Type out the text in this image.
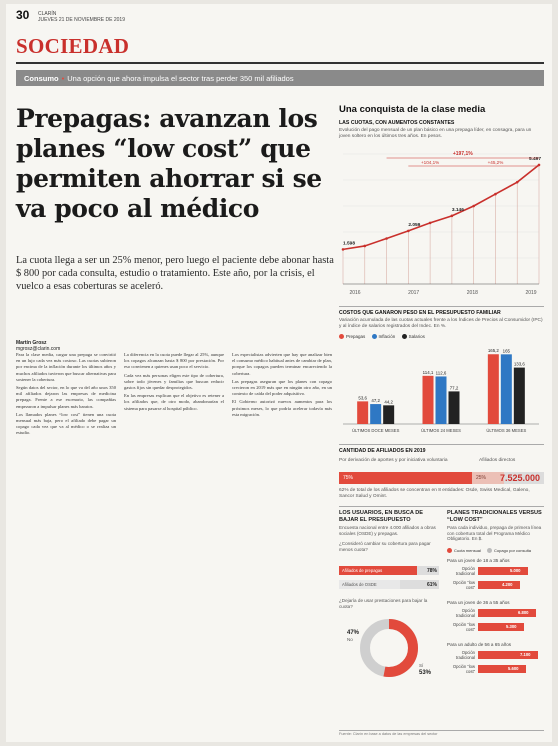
30 CLARÍN
JUEVES 21 DE NOVIEMBRE DE 2019
SOCIEDAD
Consumo • Una opción que ahora impulsa el sector tras perder 350 mil afiliados
Prepagas: avanzan los planes “low cost” que permiten ahorrar si se va poco al médico

La cuota llega a ser un 25% menor, pero luego el paciente debe abonar hasta $ 800 por cada consulta, estudio o tratamiento. Este año, por la crisis, el vuelco a esas coberturas se aceleró.

Martín Grosz
mgrosz@clarin.com

Para la clase media, cargar una prepaga se convirtió en un lujo cada vez más costoso. Las cuotas subieron por encima de la inflación durante los últimos años y muchos afiliados tuvieron que buscar alternativas para sostener la cobertura.

Según datos del sector, en lo que va del año unos 350 mil afiliados dejaron las empresas de medicina prepaga. Frente a ese escenario, las compañías empezaron a impulsar planes más baratos.

Los llamados planes “low cost” tienen una cuota mensual más baja, pero el afiliado debe pagar un copago cada vez que va al médico o se realiza un estudio.

La diferencia en la cuota puede llegar al 25%, aunque los copagos alcanzan hasta $ 800 por prestación. Por eso convienen a quienes usan poco el servicio.

Cada vez más personas eligen este tipo de cobertura, sobre todo jóvenes y familias que buscan reducir gastos fijos sin quedar desprotegidos.

En las empresas explican que el objetivo es retener a los afiliados que, de otro modo, abandonarían el sistema para pasarse al hospital público.

Los especialistas advierten que hay que analizar bien el consumo médico habitual antes de cambiar de plan, porque los copagos pueden terminar encareciendo la cobertura.

Las prepagas aseguran que los planes con copago crecieron en 2019 más que en ningún otro año, en un contexto de caída del poder adquisitivo.

El Gobierno autorizó nuevos aumentos para los próximos meses, lo que podría acelerar todavía más esta migración.

Una conquista de la clase media
LAS CUOTAS, CON AUMENTOS CONSTANTES
Evolución del pago mensual de un plan básico en una prepaga líder, en consagra, para un joven soltero en los últimos tres años. En pesos.
2016	2017	2018	2019
1.598
2.059
3.146
5.497
+197,1%
+104,1%	+45,2%
COSTOS QUE GANARON PESO EN EL PRESUPUESTO FAMILIAR
Variación acumulada de las cuotas actuales frente a los Índices de Precios al Consumidor (IPC) y al índice de salarios registrados del Indec. En %.
Prepagas	Inflación	Salarios
53,6
47,2 44,2
ÚLTIMOS DOCE MESES
114,1 112,6
77,2
ÚLTIMOS 24 MESES
165,2 165
133,6
ÚLTIMOS 36 MESES
CANTIDAD DE AFILIADOS EN 2019
Por derivación de aportes y por iniciativa voluntaria	Afiliados directos
75%	25% 7.525.000
62% de total de los afiliados se concentran en 8 entidades: Osde, Swiss Medical, Galeno, Sancor Salud y Omint.
LOS USUARIOS, EN BUSCA DE BAJAR EL PRESUPUESTO
Encuesta nacional entre 4.000 afiliados a obras sociales (OSDE) y prepagas.
¿Consideró cambiar su cobertura para pagar menos cuota?
Afiliados de prepagas	78%
Afiliados de OSDE	61%
¿Dejaría de usar prestaciones para bajar la cuota?
47%
No
53%
Sí
PLANES TRADICIONALES VERSUS “LOW COST”
Para cada individuo, prepaga de primera línea con cobertura total del Programa Médico Obligatorio. En $.
Cuota mensual	Copago por consulta
Para un joven de 18 a 35 años
Opción tradicional
5.000
Opción “low cost”
4.200
Para un joven de 36 a 55 años
Opción tradicional
6.800
Opción “low cost”
5.300
Para un adulto de 56 a 65 años
Opción tradicional
7.100
Opción “low cost”
5.600
Fuente: Clarín en base a datos de las empresas del sector
